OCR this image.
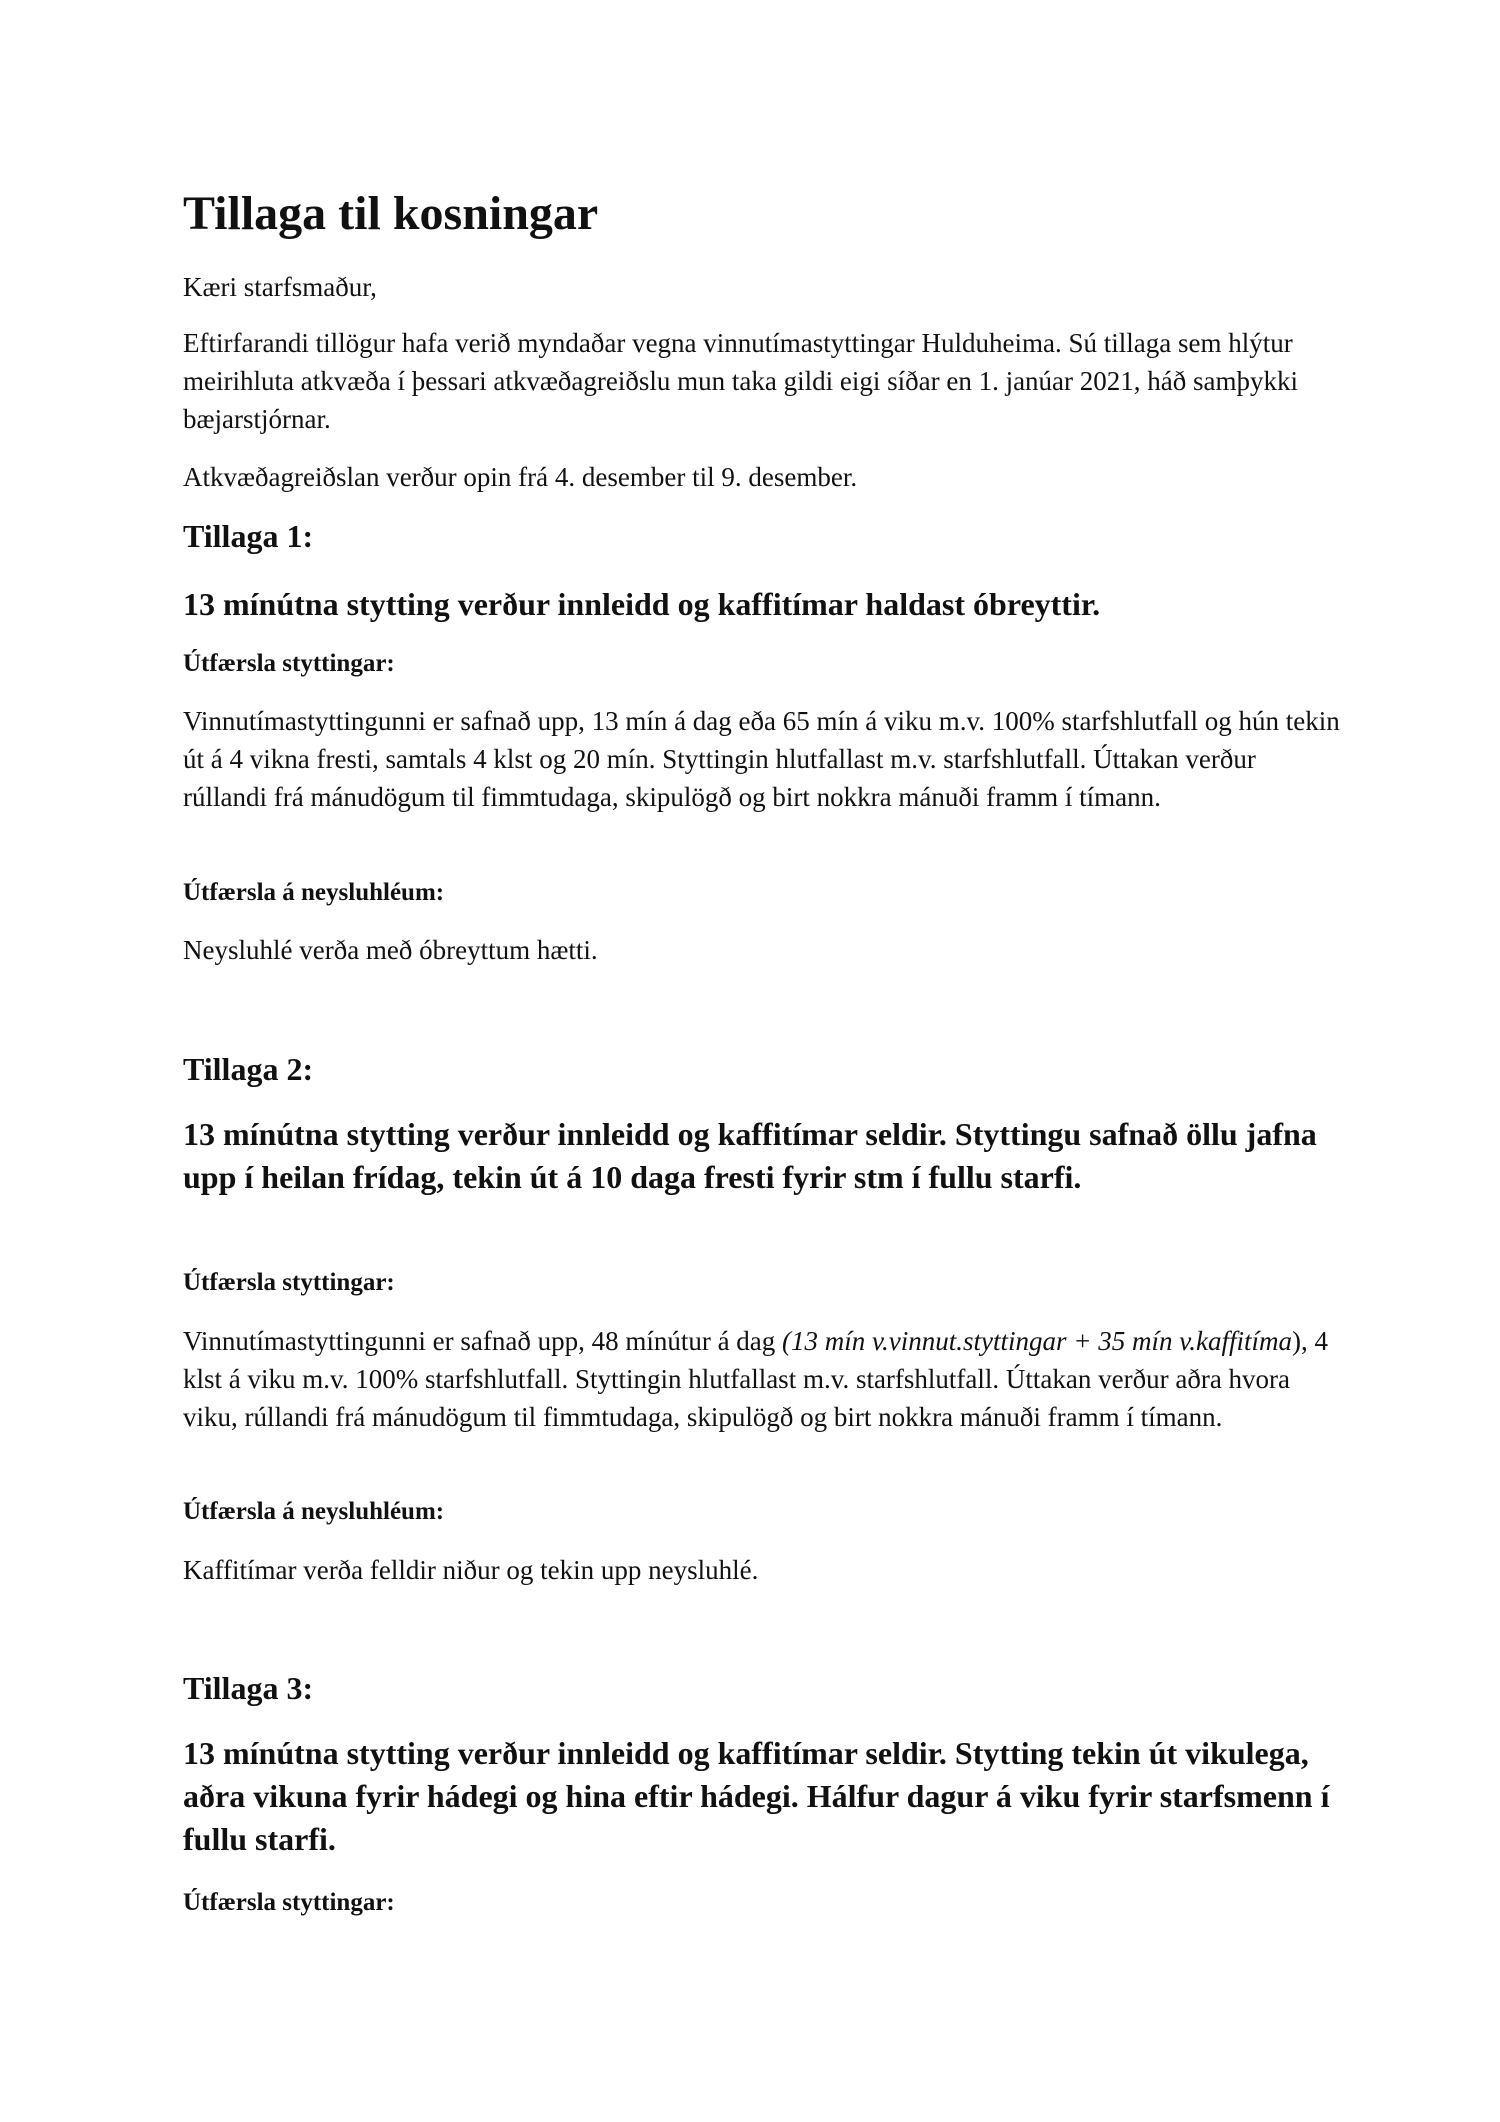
Tillaga til kosningar

Kæri starfsmaður,

Eftirfarandi tillögur hafa verið myndaðar vegna vinnutímastyttingar Hulduheima. Sú tillaga sem hlýtur meirihluta atkvæða í þessari atkvæðagreiðslu mun taka gildi eigi síðar en 1. janúar 2021, háð samþykki bæjarstjórnar.

Atkvæðagreiðslan verður opin frá 4. desember til 9. desember.

Tillaga 1:
13 mínútna stytting verður innleidd og kaffitímar haldast óbreyttir.
Útfærsla styttingar:

Vinnutímastyttingunni er safnað upp, 13 mín á dag eða 65 mín á viku m.v. 100% starfshlutfall og hún tekin út á 4 vikna fresti, samtals 4 klst og 20 mín. Styttingin hlutfallast m.v. starfshlutfall. Úttakan verður rúllandi frá mánudögum til fimmtudaga, skipulögð og birt nokkra mánuði framm í tímann.

Útfærsla á neysluhléum:

Neysluhlé verða með óbreyttum hætti.

Tillaga 2:
13 mínútna stytting verður innleidd og kaffitímar seldir. Styttingu safnað öllu jafna upp í heilan frídag, tekin út á 10 daga fresti fyrir stm í fullu starfi.
Útfærsla styttingar:

Vinnutímastyttingunni er safnað upp, 48 mínútur á dag (13 mín v.vinnut.styttingar + 35 mín v.kaffitíma), 4 klst á viku m.v. 100% starfshlutfall. Styttingin hlutfallast m.v. starfshlutfall. Úttakan verður aðra hvora viku, rúllandi frá mánudögum til fimmtudaga, skipulögð og birt nokkra mánuði framm í tímann.

Útfærsla á neysluhléum:

Kaffitímar verða felldir niður og tekin upp neysluhlé.

Tillaga 3:
13 mínútna stytting verður innleidd og kaffitímar seldir. Stytting tekin út vikulega, aðra vikuna fyrir hádegi og hina eftir hádegi. Hálfur dagur á viku fyrir starfsmenn í fullu starfi.
Útfærsla styttingar:
